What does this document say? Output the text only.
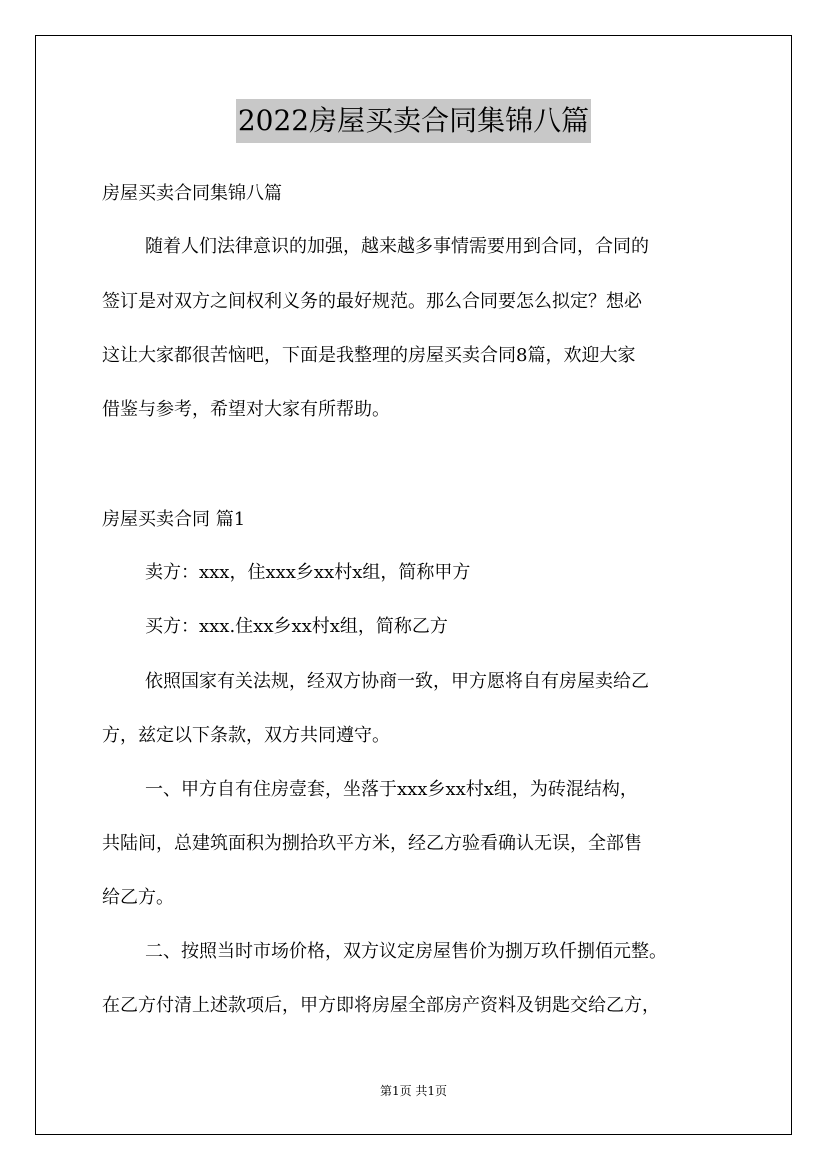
2022房屋买卖合同集锦八篇
房屋买卖合同集锦八篇
随着人们法律意识的加强，越来越多事情需要用到合同，合同的
签订是对双方之间权利义务的最好规范。那么合同要怎么拟定？想必
这让大家都很苦恼吧，下面是我整理的房屋买卖合同8篇，欢迎大家
借鉴与参考，希望对大家有所帮助。
房屋买卖合同 篇1
卖方：xxx，住xxx乡xx村x组，简称甲方
买方：xxx.住xx乡xx村x组，简称乙方
依照国家有关法规，经双方协商一致，甲方愿将自有房屋卖给乙
方，兹定以下条款，双方共同遵守。
一、甲方自有住房壹套，坐落于xxx乡xx村x组，为砖混结构，
共陆间，总建筑面积为捌拾玖平方米，经乙方验看确认无误，全部售
给乙方。
二、按照当时市场价格，双方议定房屋售价为捌万玖仟捌佰元整。
在乙方付清上述款项后，甲方即将房屋全部房产资料及钥匙交给乙方，
第1页 共1页
